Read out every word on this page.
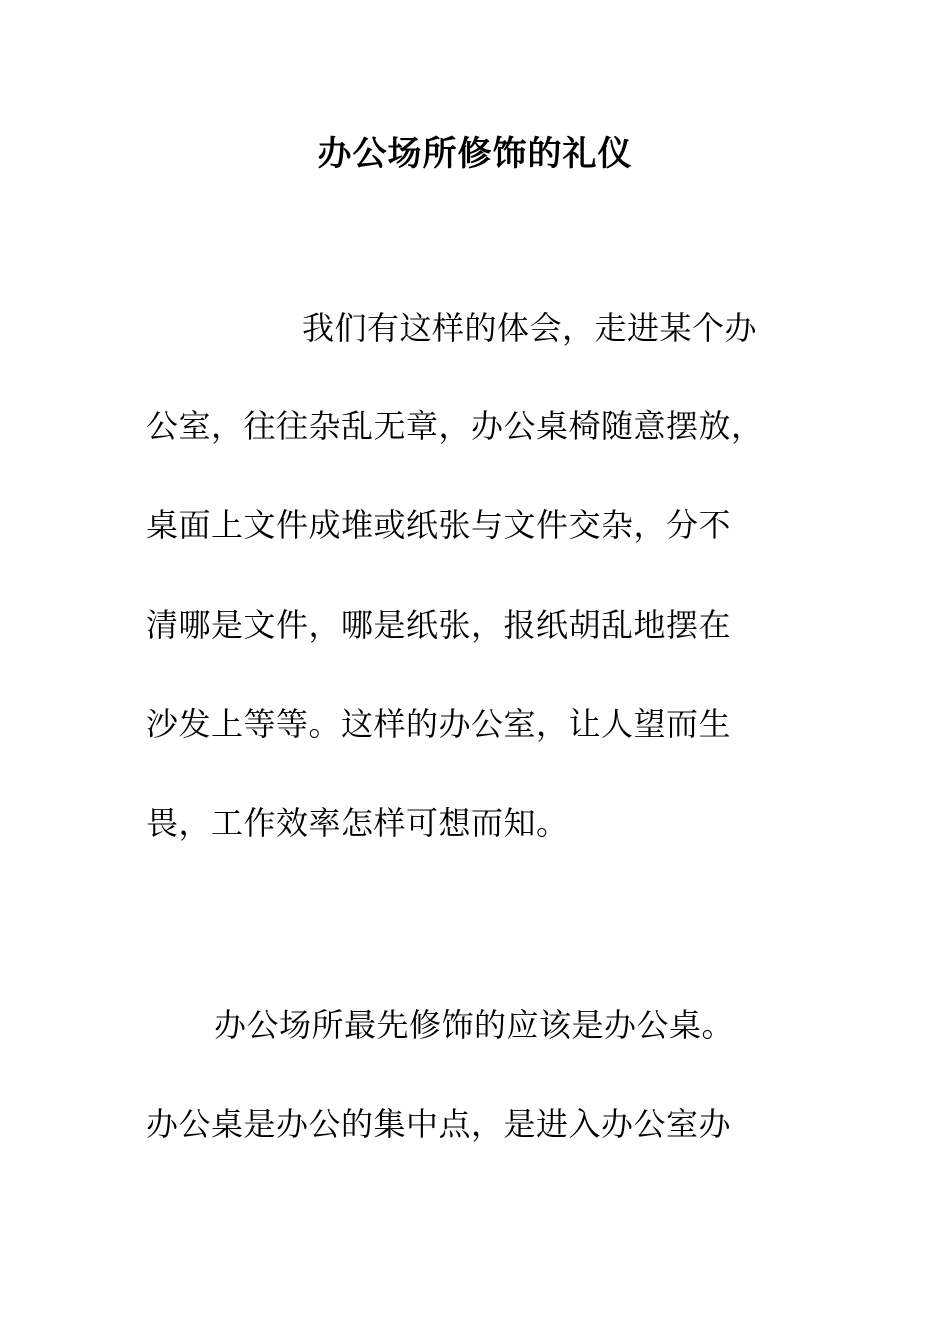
办公场所修饰的礼仪
我们有这样的体会，走进某个办
公室，往往杂乱无章，办公桌椅随意摆放，
桌面上文件成堆或纸张与文件交杂，分不
清哪是文件，哪是纸张，报纸胡乱地摆在
沙发上等等。这样的办公室，让人望而生
畏，工作效率怎样可想而知。
办公场所最先修饰的应该是办公桌。
办公桌是办公的集中点，是进入办公室办
